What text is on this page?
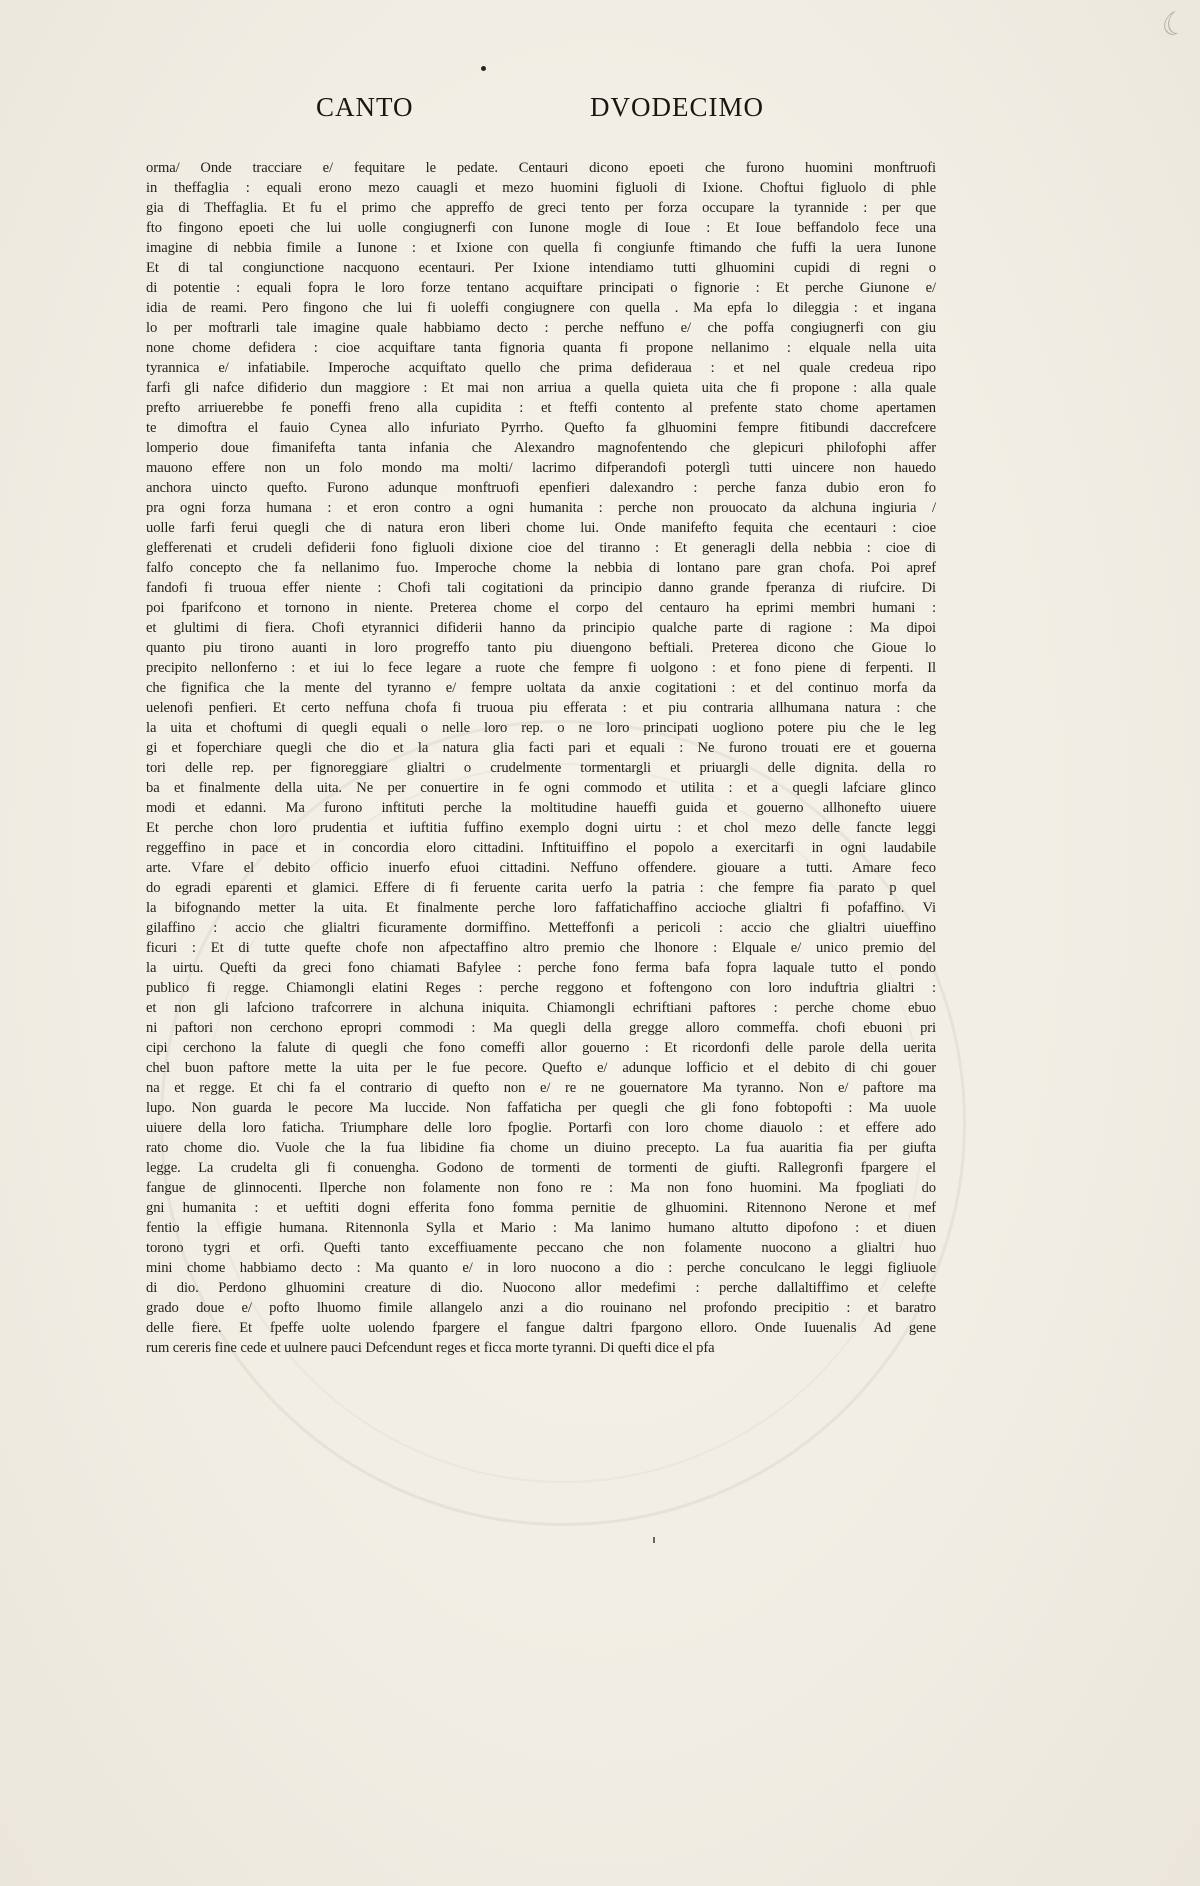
☾
CANTO	DVODECIMO
orma/ Onde tracciare e/ fequitare le pedate. Centauri dicono epoeti che furono huomini monftruofi
in theffaglia : equali erono mezo cauagli et mezo huomini figluoli di Ixione. Choftui figluolo di phle
gia di Theffaglia. Et fu el primo che appreffo de greci tento per forza occupare la tyrannide : per que
fto fingono epoeti che lui uolle congiugnerfi con Iunone mogle di Ioue : Et Ioue beffandolo fece una
imagine di nebbia fimile a Iunone : et Ixione con quella fi congiunfe ftimando che fuffi la uera Iunone
Et di tal congiunctione nacquono ecentauri. Per Ixione intendiamo tutti glhuomini cupidi di regni o
di potentie : equali fopra le loro forze tentano acquiftare principati o fignorie : Et perche Giunone e/
idia de reami. Pero fingono che lui fi uoleffi congiugnere con quella . Ma epfa lo dileggia : et ingana
lo per moftrarli tale imagine quale habbiamo decto : perche neffuno e/ che poffa congiugnerfi con giu
none chome defidera : cioe acquiftare tanta fignoria quanta fi propone nellanimo : elquale nella uita
tyrannica e/ infatiabile. Imperoche acquiftato quello che prima defideraua : et nel quale credeua ripo
farfi gli nafce difiderio dun maggiore : Et mai non arriua a quella quieta uita che fi propone : alla quale
prefto arriuerebbe fe poneffi freno alla cupidita : et fteffi contento al prefente stato chome apertamen
te dimoftra el fauio Cynea allo infuriato Pyrrho. Quefto fa glhuomini fempre fitibundi daccrefcere
lomperio doue fimanifefta tanta infania che Alexandro magnofentendo che glepicuri philofophi affer
mauono effere non un folo mondo ma molti/ lacrimo difperandofi poterglì tutti uincere non hauedo
anchora uincto quefto. Furono adunque monftruofi epenfieri dalexandro : perche fanza dubio eron fo
pra ogni forza humana : et eron contro a ogni humanita : perche non prouocato da alchuna ingiuria /
uolle farfi ferui quegli che di natura eron liberi chome lui. Onde manifefto fequita che ecentauri : cioe
glefferenati et crudeli defiderii fono figluoli dixione cioe del tiranno : Et generagli della nebbia : cioe di
falfo concepto che fa nellanimo fuo. Imperoche chome la nebbia di lontano pare gran chofa. Poi apref
fandofi fi truoua effer niente : Chofi tali cogitationi da principio danno grande fperanza di riufcire. Di
poi fparifcono et tornono in niente. Preterea chome el corpo del centauro ha eprimi membri humani :
et glultimi di fiera. Chofi etyrannici difiderii hanno da principio qualche parte di ragione : Ma dipoi
quanto piu tirono auanti in loro progreffo tanto piu diuengono beftiali. Preterea dicono che Gioue lo
precipito nellonferno : et iui lo fece legare a ruote che fempre fi uolgono : et fono piene di ferpenti. Il
che fignifica che la mente del tyranno e/ fempre uoltata da anxie cogitationi : et del continuo morfa da
uelenofi penfieri. Et certo neffuna chofa fi truoua piu efferata : et piu contraria allhumana natura : che
la uita et choftumi di quegli equali o nelle loro rep. o ne loro principati uogliono potere piu che le leg
gi et foperchiare quegli che dio et la natura glia facti pari et equali : Ne furono trouati ere et gouerna
tori delle rep. per fignoreggiare glialtri o crudelmente tormentargli et priuargli delle dignita. della ro
ba et finalmente della uita. Ne per conuertire in fe ogni commodo et utilita : et a quegli lafciare glinco
modi et edanni. Ma furono inftituti perche la moltitudine haueffi guida et gouerno allhonefto uiuere
Et perche chon loro prudentia et iuftitia fuffino exemplo dogni uirtu : et chol mezo delle fancte leggi
reggeffino in pace et in concordia eloro cittadini. Inftituiffino el popolo a exercitarfi in ogni laudabile
arte. Vfare el debito officio inuerfo efuoi cittadini. Neffuno offendere. giouare a tutti. Amare feco
do egradi eparenti et glamici. Effere di fi feruente carita uerfo la patria : che fempre fia parato p quel
la bifognando metter la uita. Et finalmente perche loro faffatichaffino accioche glialtri fi pofaffino. Vi
gilaffino : accio che glialtri ficuramente dormiffino. Metteffonfi a pericoli : accio che glialtri uiueffino
ficuri : Et di tutte quefte chofe non afpectaffino altro premio che lhonore : Elquale e/ unico premio del
la uirtu. Quefti da greci fono chiamati Bafylee : perche fono ferma bafa fopra laquale tutto el pondo
publico fi regge. Chiamongli elatini Reges : perche reggono et foftengono con loro induftria glialtri :
et non gli lafciono trafcorrere in alchuna iniquita. Chiamongli echriftiani paftores : perche chome ebuo
ni paftori non cerchono epropri commodi : Ma quegli della gregge alloro commeffa. chofi ebuoni pri
cipi cerchono la falute di quegli che fono comeffi allor gouerno : Et ricordonfi delle parole della uerita
chel buon paftore mette la uita per le fue pecore. Quefto e/ adunque lofficio et el debito di chi gouer
na et regge. Et chi fa el contrario di quefto non e/ re ne gouernatore Ma tyranno. Non e/ paftore ma
lupo. Non guarda le pecore Ma luccide. Non faffaticha per quegli che gli fono fobtopofti : Ma uuole
uiuere della loro faticha. Triumphare delle loro fpoglie. Portarfi con loro chome diauolo : et effere ado
rato chome dio. Vuole che la fua libidine fia chome un diuino precepto. La fua auaritia fia per giufta
legge. La crudelta gli fi conuengha. Godono de tormenti de tormenti de giufti. Rallegronfi fpargere el
fangue de glinnocenti. Ilperche non folamente non fono re : Ma non fono huomini. Ma fpogliati do
gni humanita : et ueftiti dogni efferita fono fomma pernitie de glhuomini. Ritennono Nerone et mef
fentio la effigie humana. Ritennonla Sylla et Mario : Ma lanimo humano altutto dipofono : et diuen
torono tygri et orfi. Quefti tanto exceffiuamente peccano che non folamente nuocono a glialtri huo
mini chome habbiamo decto : Ma quanto e/ in loro nuocono a dio : perche conculcano le leggi figliuole
di dio. Perdono glhuomini creature di dio. Nuocono allor medefimi : perche dallaltiffimo et celefte
grado doue e/ pofto lhuomo fimile allangelo anzi a dio rouinano nel profondo precipitio : et baratro
delle fiere. Et fpeffe uolte uolendo fpargere el fangue daltri fpargono elloro. Onde Iuuenalis Ad gene
rum cereris fine cede et uulnere pauci Defcendunt reges et ficca morte tyranni. Di quefti dice el pfa
